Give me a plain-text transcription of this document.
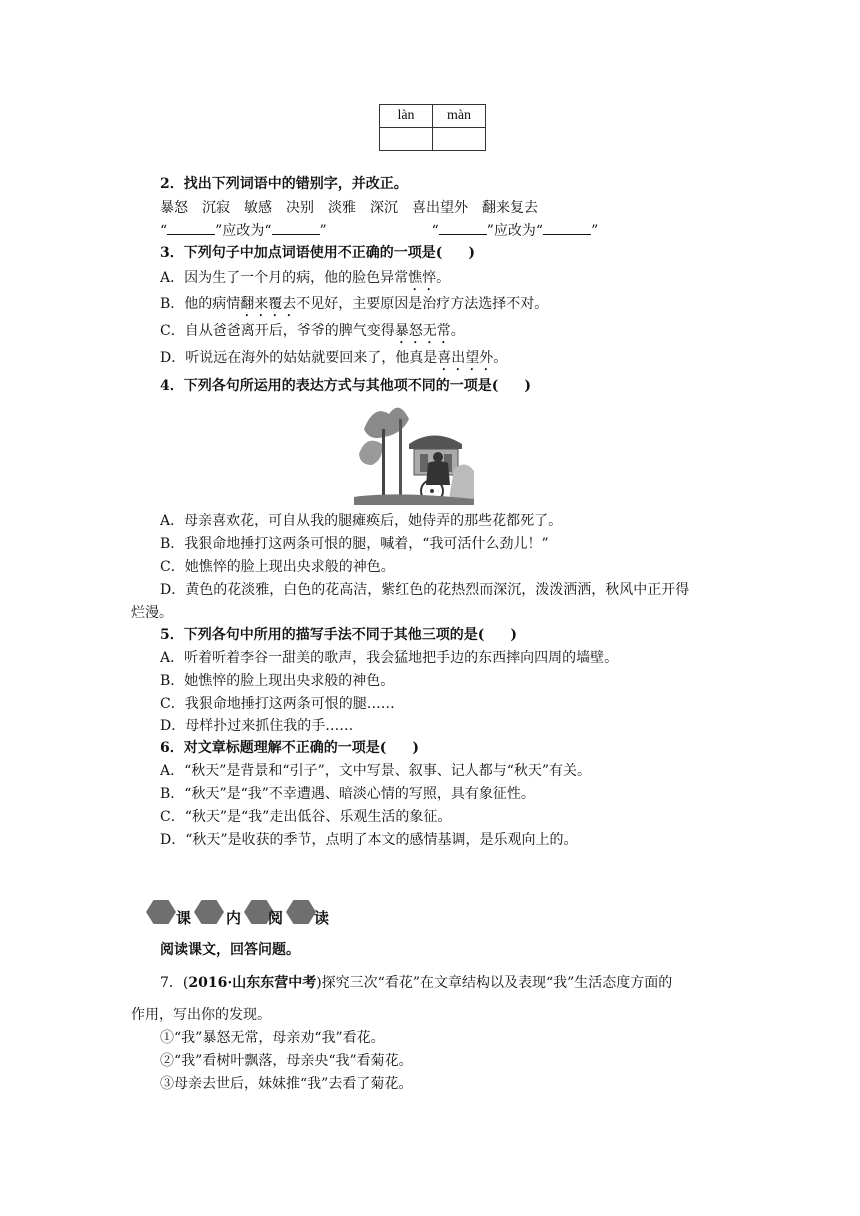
làn	màn

2．找出下列词语中的错别字，并改正。
暴怒　沉寂　敏感　决别　淡雅　深沉　喜出望外　翻来复去
“	”应改为“	”	“	”应改为“	”
3．下列句子中加点词语使用不正确的一项是( )
A．因为生了一个月的病，他的脸色异常憔悴。
B．他的病情翻来覆去不见好，主要原因是治疗方法选择不对。
C．自从爸爸离开后，爷爷的脾气变得暴怒无常。
D．听说远在海外的姑姑就要回来了，他真是喜出望外。
4．下列各句所运用的表达方式与其他项不同的一项是( )
A．母亲喜欢花，可自从我的腿瘫痪后，她侍弄的那些花都死了。
B．我狠命地捶打这两条可恨的腿，喊着，“我可活什么劲儿！”
C．她憔悴的脸上现出央求般的神色。
D．黄色的花淡雅，白色的花高洁，紫红色的花热烈而深沉，泼泼洒洒，秋风中正开得
烂漫。
5．下列各句中所用的描写手法不同于其他三项的是( )
A．听着听着李谷一甜美的歌声，我会猛地把手边的东西摔向四周的墙壁。
B．她憔悴的脸上现出央求般的神色。
C．我狠命地捶打这两条可恨的腿……
D．母样扑过来抓住我的手……
6．对文章标题理解不正确的一项是( )
A．“秋天”是背景和“引子”，文中写景、叙事、记人都与“秋天”有关。
B．“秋天”是“我”不幸遭遇、暗淡心情的写照，具有象征性。
C．“秋天”是“我”走出低谷、乐观生活的象征。
D．“秋天”是收获的季节，点明了本文的感情基调，是乐观向上的。
课 内 阅 读
阅读课文，回答问题。
7．(2016·山东东营中考)探究三次“看花”在文章结构以及表现“我”生活态度方面的
作用，写出你的发现。
①“我”暴怒无常，母亲劝“我”看花。
②“我”看树叶飘落，母亲央“我”看菊花。
③母亲去世后，妹妹推“我”去看了菊花。
